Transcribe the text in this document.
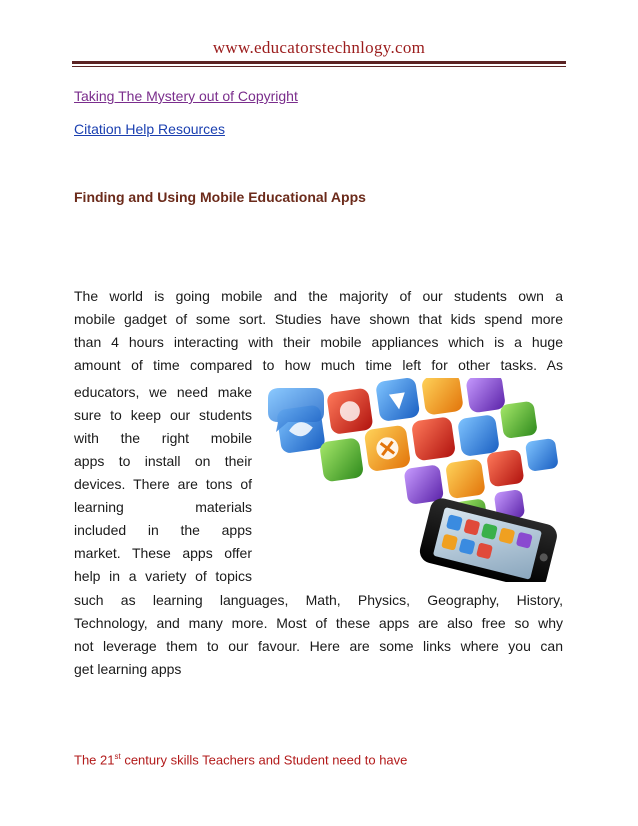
www.educatorstechnlogy.com
Taking The Mystery out of Copyright
Citation Help Resources
Finding and Using Mobile Educational Apps
The world is going mobile and the majority of our students own a
mobile gadget of some sort. Studies have shown that kids spend more
than 4 hours interacting with their mobile appliances which is a huge
amount of time compared to how much time left for other tasks. As
educators, we need make
sure to keep our students
with the right mobile
apps to install on their
devices. There are tons of
learning materials
included in the apps
market. These apps offer
help in a variety of topics
such as learning languages, Math, Physics, Geography, History,
Technology, and many more. Most of these apps are also free so why
not leverage them to our favour. Here are some links where you can
get learning apps
The 21st century skills Teachers and Student need to have
